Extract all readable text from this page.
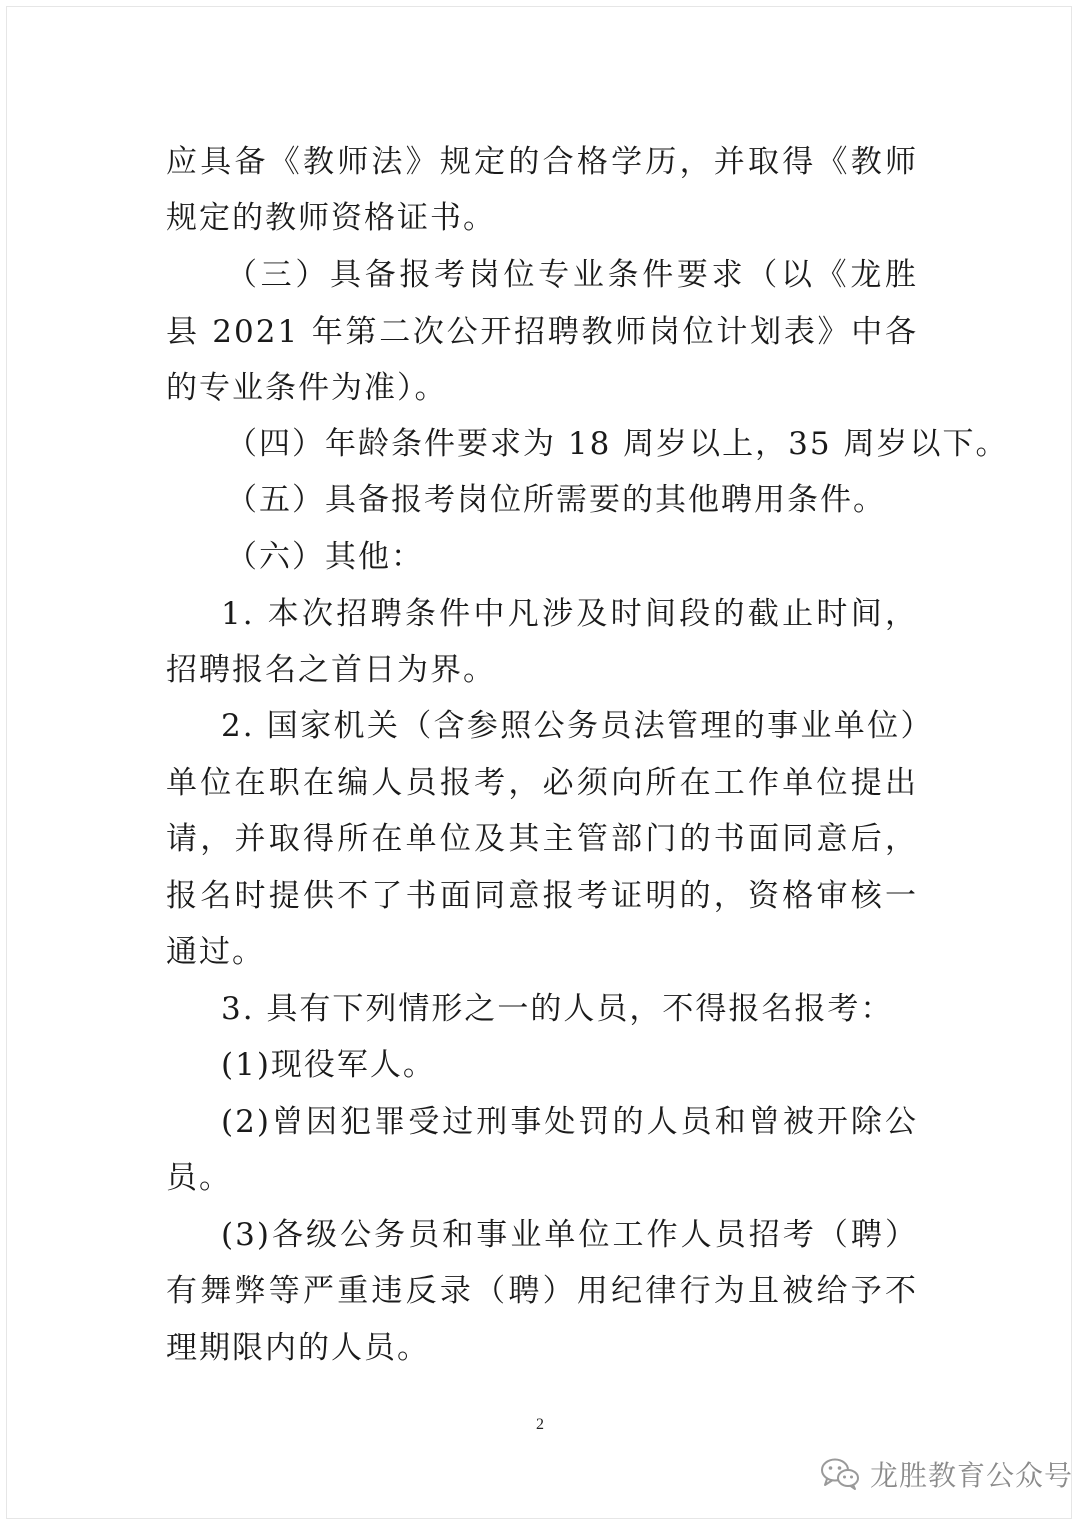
应具备《教师法》规定的合格学历，并取得《教师
规定的教师资格证书。
（三）具备报考岗位专业条件要求（以《龙胜
县 2021 年第二次公开招聘教师岗位计划表》中各
的专业条件为准）。
（四）年龄条件要求为 18 周岁以上，35 周岁以下。
（五）具备报考岗位所需要的其他聘用条件。
（六）其他：
1. 本次招聘条件中凡涉及时间段的截止时间，
招聘报名之首日为界。
2. 国家机关（含参照公务员法管理的事业单位）
单位在职在编人员报考，必须向所在工作单位提出
请，并取得所在单位及其主管部门的书面同意后，
报名时提供不了书面同意报考证明的，资格审核一
通过。
3. 具有下列情形之一的人员，不得报名报考：
(1)现役军人。
(2)曾因犯罪受过刑事处罚的人员和曾被开除公
员。
(3)各级公务员和事业单位工作人员招考（聘）
有舞弊等严重违反录（聘）用纪律行为且被给予不
理期限内的人员。
2
龙胜教育公众号
